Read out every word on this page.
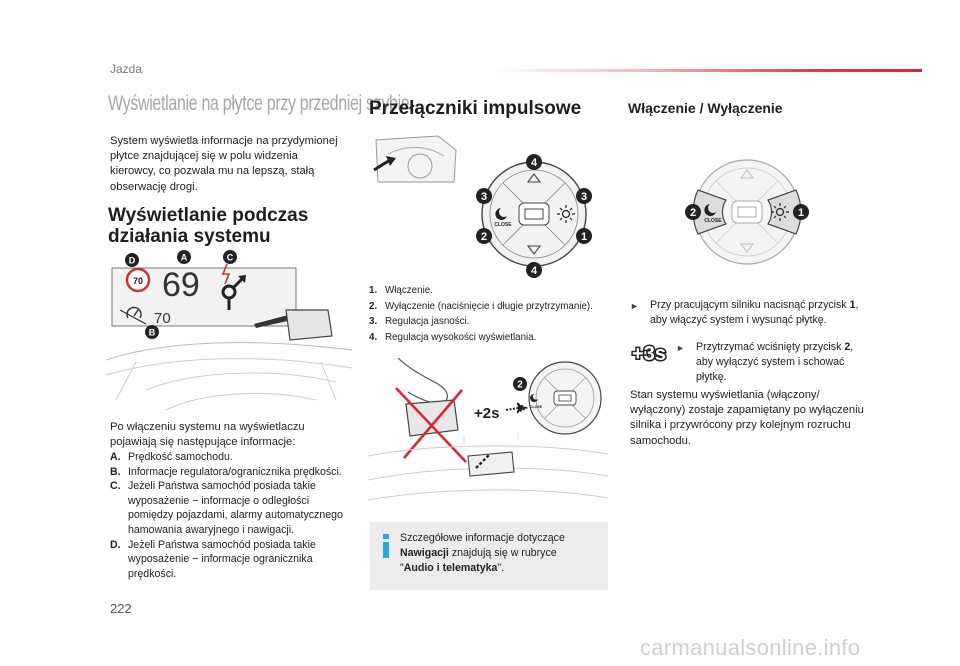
Jazda
Wyświetlanie na płytce przy przedniej szybie
System wyświetla informacje na przydymionej
płytce znajdującej się w polu widzenia
kierowcy, co pozwala mu na lepszą, stałą
obserwację drogi.
Wyświetlanie podczas
działania systemu
70 69
70
A
B
C
D
Po włączeniu systemu na wyświetlaczu
pojawiają się następujące informacje:
A. Prędkość samochodu.
B. Informacje regulatora/ogranicznika prędkości.
C. Jeżeli Państwa samochód posiada takie
wyposażenie − informacje o odległości
pomiędzy pojazdami, alarmy automatycznego
hamowania awaryjnego i nawigacji.
D. Jeżeli Państwa samochód posiada takie
wyposażenie − informacje ogranicznika
prędkości.
Przełączniki impulsowe
CLOSE
4
3	3
2	1
4
1. Włączenie.
2. Wyłączenie (naciśnięcie i długie przytrzymanie).
3. Regulacja jasności.
4. Regulacja wysokości wyświetlania.
+2s	CLOSE
2
Szczegółowe informacje dotyczące
Nawigacji znajdują się w rubryce
"Audio i telematyka".
Włączenie / Wyłączenie
CLOSE
2	1
►	Przy pracującym silniku nacisnąć przycisk 1,
aby włączyć system i wysunąć płytkę.
+3s ►	Przytrzymać wciśnięty przycisk 2,
aby wyłączyć system i schować
płytkę.
Stan systemu wyświetlania (włączony/
wyłączony) zostaje zapamiętany po wyłączeniu
silnika i przywrócony przy kolejnym rozruchu
samochodu.
222
carmanualsonline.info
